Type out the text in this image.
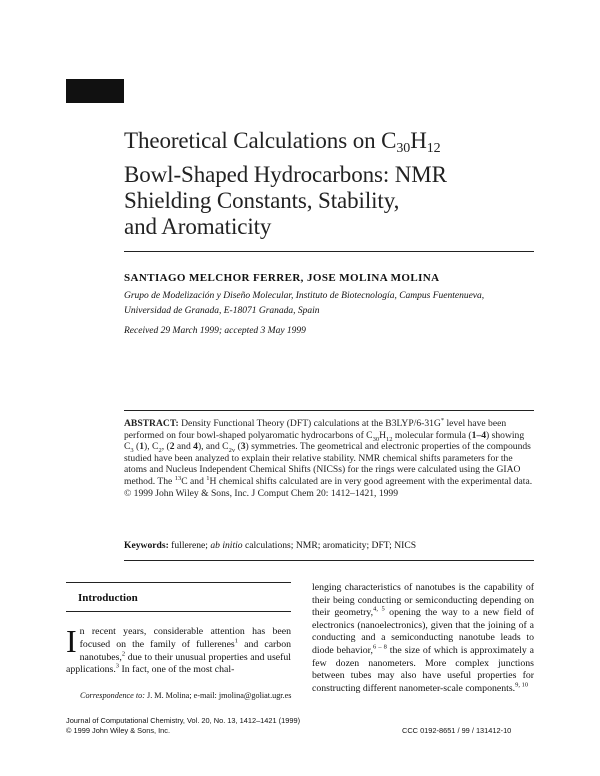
Theoretical Calculations on $C_{30}H_{12}$
Bowl-Shaped Hydrocarbons: NMR
Shielding Constants, Stability,
and Aromaticity
SANTIAGO MELCHOR FERRER, JOSE MOLINA MOLINA
Grupo de Modelización y Diseño Molecular, Instituto de Biotecnología, Campus Fuentenueva,
Universidad de Granada, E-18071 Granada, Spain
Received 29 March 1999; accepted 3 May 1999
ABSTRACT: Density Functional Theory (DFT) calculations at the B3LYP/6-31G* level have been performed on four bowl-shaped polyaromatic hydrocarbons of $C_{30}H_{12}$ molecular formula (1–4) showing $C_3$ (1), $C_2$, (2 and 4), and $C_{2v}$ (3) symmetries. The geometrical and electronic properties of the compounds studied have been analyzed to explain their relative stability. NMR chemical shifts parameters for the atoms and Nucleus Independent Chemical Shifts (NICSs) for the rings were calculated using the GIAO method. The $^{13}$C and $^1$H chemical shifts calculated are in very good agreement with the experimental data. © 1999 John Wiley & Sons, Inc. J Comput Chem 20: 1412–1421, 1999
Keywords: fullerene; ab initio calculations; NMR; aromaticity; DFT; NICS
Introduction
In recent years, considerable attention has been focused on the family of fullerenes$^1$ and carbon nanotubes,$^2$ due to their unusual properties and useful applications.$^3$ In fact, one of the most chal-
Correspondence to: J. M. Molina; e-mail: jmolina@goliat.ugr.es
lenging characteristics of nanotubes is the capability of their being conducting or semiconducting depending on their geometry,$^{4, 5}$ opening the way to a new field of electronics (nanoelectronics), given that the joining of a conducting and a semiconducting nanotube leads to diode behavior,$^{6 - 8}$ the size of which is approximately a few dozen nanometers. More complex junctions between tubes may also have useful properties for constructing different nanometer-scale components.$^{9, 10}$
Journal of Computational Chemistry, Vol. 20, No. 13, 1412–1421 (1999)
© 1999 John Wiley & Sons, Inc.	CCC 0192-8651 / 99 / 131412-10
